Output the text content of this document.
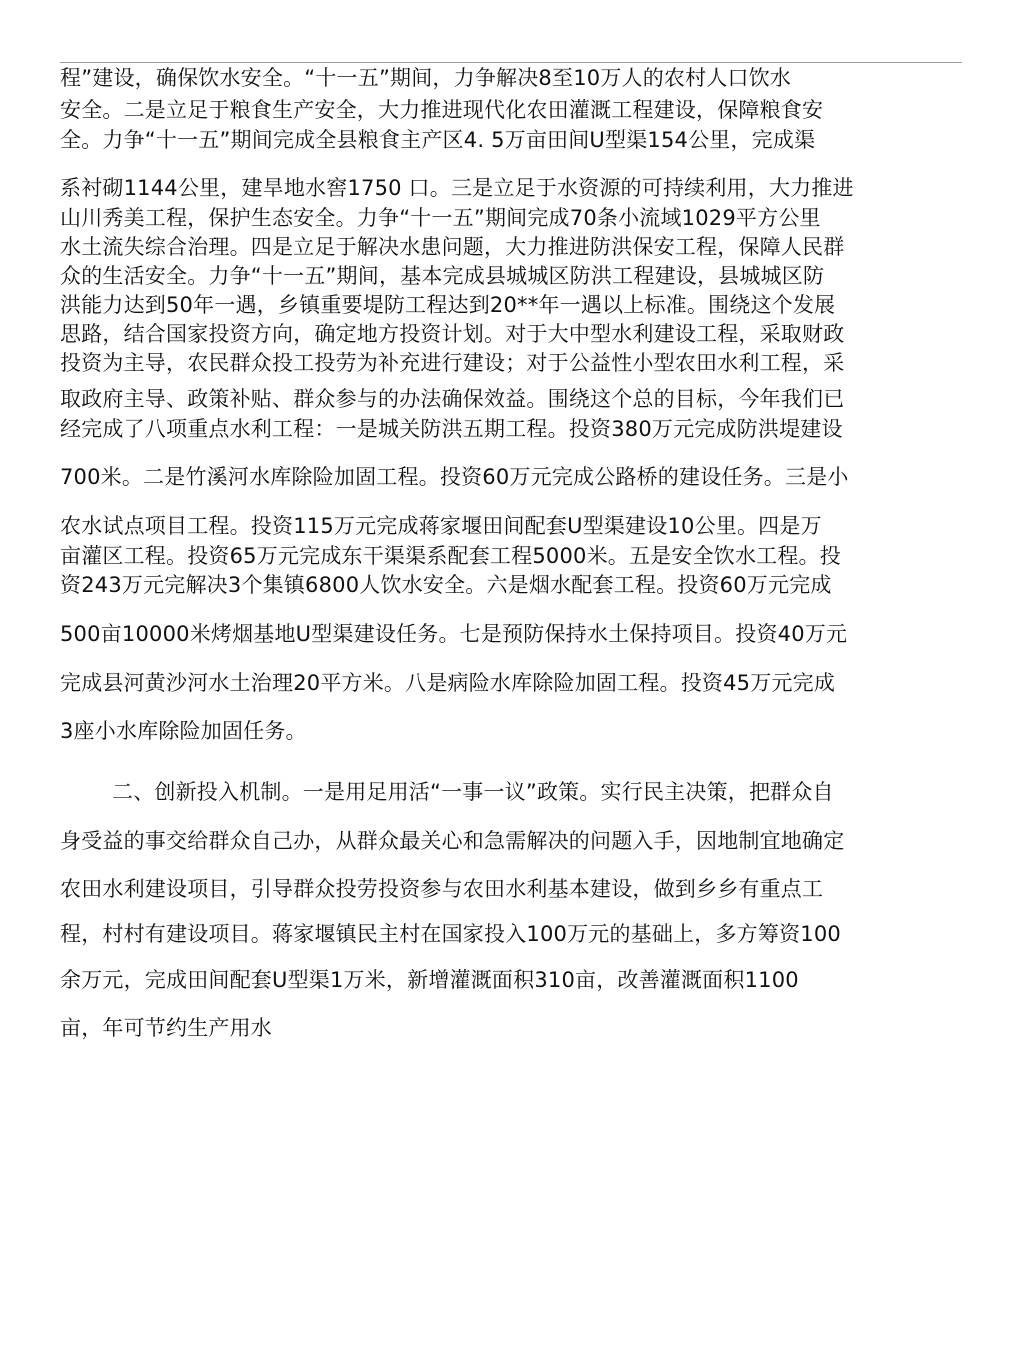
程”建设，确保饮水安全。“十一五”期间，力争解决8至10万人的农村人口饮水
安全。二是立足于粮食生产安全，大力推进现代化农田灌溉工程建设，保障粮食安
全。力争“十一五”期间完成全县粮食主产区4. 5万亩田间U型渠154公里，完成渠
系衬砌1144公里，建旱地水窖1750 口。三是立足于水资源的可持续利用，大力推进
山川秀美工程，保护生态安全。力争“十一五”期间完成70条小流域1029平方公里
水土流失综合治理。四是立足于解决水患问题，大力推进防洪保安工程，保障人民群
众的生活安全。力争“十一五”期间，基本完成县城城区防洪工程建设，县城城区防
洪能力达到50年一遇，乡镇重要堤防工程达到20**年一遇以上标准。围绕这个发展
思路，结合国家投资方向，确定地方投资计划。对于大中型水利建设工程，采取财政
投资为主导，农民群众投工投劳为补充进行建设；对于公益性小型农田水利工程，采
取政府主导、政策补贴、群众参与的办法确保效益。围绕这个总的目标，今年我们已
经完成了八项重点水利工程：一是城关防洪五期工程。投资380万元完成防洪堤建设
700米。二是竹溪河水库除险加固工程。投资60万元完成公路桥的建设任务。三是小
农水试点项目工程。投资115万元完成蒋家堰田间配套U型渠建设10公里。四是万
亩灌区工程。投资65万元完成东干渠渠系配套工程5000米。五是安全饮水工程。投
资243万元完解决3个集镇6800人饮水安全。六是烟水配套工程。投资60万元完成
500亩10000米烤烟基地U型渠建设任务。七是预防保持水土保持项目。投资40万元
完成县河黄沙河水土治理20平方米。八是病险水库除险加固工程。投资45万元完成
3座小水库除险加固任务。
二、创新投入机制。一是用足用活“一事一议”政策。实行民主决策，把群众自
身受益的事交给群众自己办，从群众最关心和急需解决的问题入手，因地制宜地确定
农田水利建设项目，引导群众投劳投资参与农田水利基本建设，做到乡乡有重点工
程，村村有建设项目。蒋家堰镇民主村在国家投入100万元的基础上，多方筹资100
余万元，完成田间配套U型渠1万米，新增灌溉面积310亩，改善灌溉面积1100
亩，年可节约生产用水
